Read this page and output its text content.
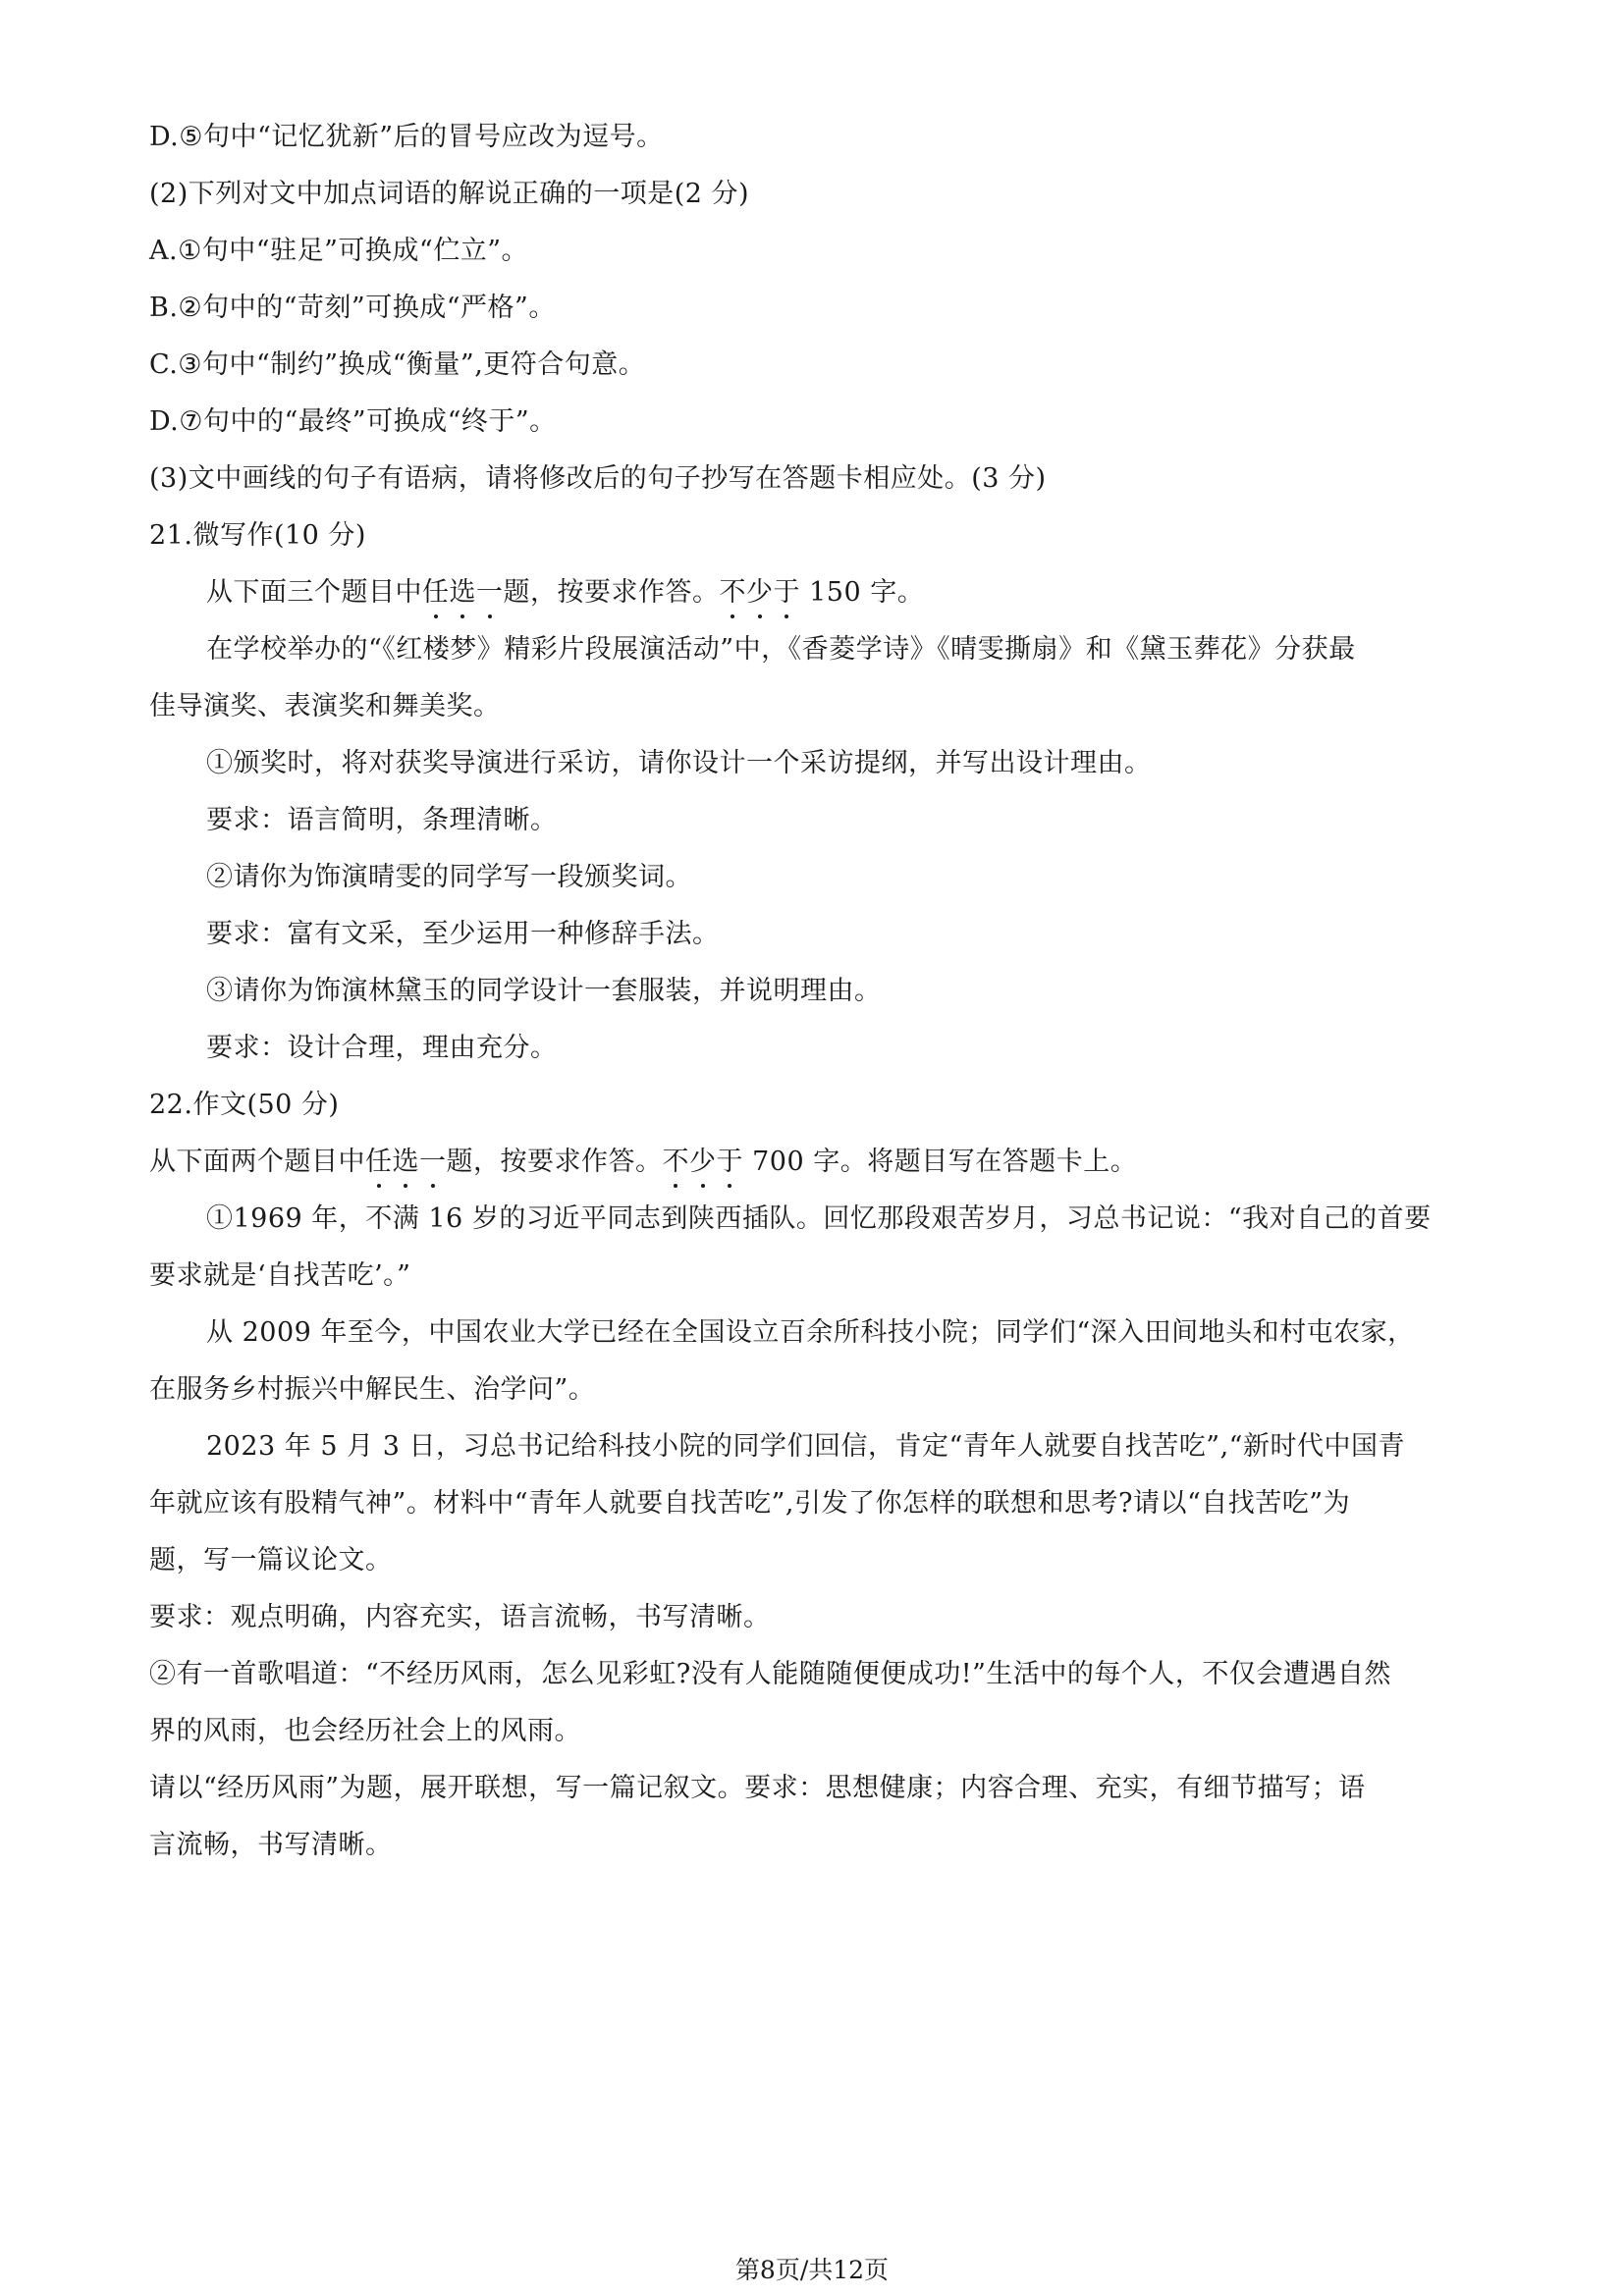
D.⑤句中“记忆犹新”后的冒号应改为逗号。
(2)下列对文中加点词语的解说正确的一项是(2 分)
A.①句中“驻足”可换成“伫立”。
B.②句中的“苛刻”可换成“严格”。
C.③句中“制约”换成“衡量”,更符合句意。
D.⑦句中的“最终”可换成“终于”。
(3)文中画线的句子有语病，请将修改后的句子抄写在答题卡相应处。(3 分)
21.微写作(10 分)
从下面三个题目中任选一题，按要求作答。不少于 150 字。
在学校举办的“《红楼梦》精彩片段展演活动”中，《香菱学诗》《晴雯撕扇》和《黛玉葬花》分获最
佳导演奖、表演奖和舞美奖。
①颁奖时，将对获奖导演进行采访，请你设计一个采访提纲，并写出设计理由。
要求：语言简明，条理清晰。
②请你为饰演晴雯的同学写一段颁奖词。
要求：富有文采，至少运用一种修辞手法。
③请你为饰演林黛玉的同学设计一套服装，并说明理由。
要求：设计合理，理由充分。
22.作文(50 分)
从下面两个题目中任选一题，按要求作答。不少于 700 字。将题目写在答题卡上。
①1969 年，不满 16 岁的习近平同志到陕西插队。回忆那段艰苦岁月，习总书记说：“我对自己的首要
要求就是‘自找苦吃’。”
从 2009 年至今，中国农业大学已经在全国设立百余所科技小院；同学们“深入田间地头和村屯农家，
在服务乡村振兴中解民生、治学问”。
2023 年 5 月 3 日，习总书记给科技小院的同学们回信，肯定“青年人就要自找苦吃”,“新时代中国青
年就应该有股精气神”。材料中“青年人就要自找苦吃”,引发了你怎样的联想和思考?请以“自找苦吃”为
题，写一篇议论文。
要求：观点明确，内容充实，语言流畅，书写清晰。
②有一首歌唱道：“不经历风雨，怎么见彩虹?没有人能随随便便成功!”生活中的每个人，不仅会遭遇自然
界的风雨，也会经历社会上的风雨。
请以“经历风雨”为题，展开联想，写一篇记叙文。要求：思想健康；内容合理、充实，有细节描写；语
言流畅，书写清晰。
第8页/共12页
